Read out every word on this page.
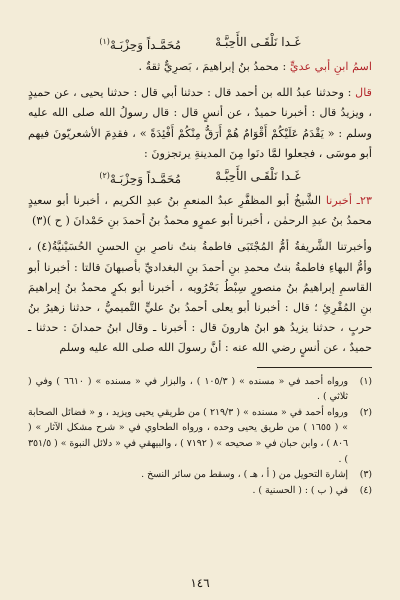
غَـدا نَلْقَـى الأَحِبَّـهْ
مُحَمَّـداً وَحِزْبَـهْ$^{(١)}$

اسمُ ابنِ أبي عديٍّ : محمدُ بنُ إبراهيمَ ، بَصرِيٌّ ثقةٌ .

قال : وحدثنا عبدُ الله بن أحمد قال : حدثنا أبي قال : حدثنا يحيى ، عن حميدٍ ، ويزيدُ قال : أخبرنا حميدٌ ، عن أنسٍ قال : قال رسولُ الله صلى الله عليه وسلم : « يَقْدَمُ عَلَيْكُمْ أَقْوَامٌ هُمْ أَرَقُّ مِنْكُمْ أَفْئِدَةً » ، فقدِمَ الأشعريّونَ فيهم أبو موسَى ، فجعلوا لمَّا دنَوا مِنَ المدينةِ يرتجزونَ :

غَـدا نَلْقَـى الأَحِبَّـهْ
مُحَمَّـداً وَحِزْبَـهْ$^{(٢)}$

٢٣ـ أخبرنا الشَّيخُ أبو المظفَّرِ عبدُ المنعمِ بنُ عبدِ الكريم ، أخبرنا أبو سعيدٍ محمدُ بنُ عبدِ الرحمٰن ، أخبرنا أبو عمرٍو محمدُ بنُ أحمدَ بنِ حَمْدانَ ( ح )(٣)

وأخبرتنا الشَّريفةُ أمُّ المُجْتَبَى فاطمةُ بنتُ ناصرِ بنِ الحسنِ الحُسَيْنيَّةُ(٤) ، وأمُّ البهاءِ فاطمةُ بنتُ محمدِ بنِ أحمدَ بنِ البغداديِّ بأصبهانَ قالتا : أخبرنا أبو القاسمِ إبراهيمُ بنُ منصورٍ سِبْطُ بَحْرُويه ، أخبرنا أبو بكرٍ محمدُ بنُ إبراهيمَ بنِ المُقْرِئِ ؛ قال : أخبرنا أبو يعلى أحمدُ بنُ عليٍّ التَّميميُّ ، حدثنا زهيرُ بنُ حربٍ ، حدثنا يزيدُ هو ابنُ هارونَ قال : أخبرنا ـ وقال ابنُ حمدانَ : حدثنا ـ حميدٌ ، عن أنسٍ رضي الله عنه : أنَّ رسولَ الله صلى الله عليه وسلم

(١)
ورواه أحمد في « مسنده » ( ١٠٥/٣ ) ، والبزار في « مسنده » ( ٦٦١٠ ) وفي ( ثلاثي ) .
(٢)
ورواه أحمد في « مسنده » ( ٢١٩/٣ ) من طريقي يحيى ويزيد ، و « فضائل الصحابة » ( ١٦٥٥ ) من طريق يحيى وحده ، ورواه الطحاوي في « شرح مشكل الآثار » ( ٨٠٦ ) ، وابن حبان في « صحيحه » ( ٧١٩٢ ) ، والبيهقي في « دلائل النبوة » ( ٣٥١/٥ ) .
(٣)
إشارة التحويل من ( أ ، هـ ) ، وسقط من سائر النسخ .
(٤)
في ( ب ) : ( الحسنية ) .
١٤٦
